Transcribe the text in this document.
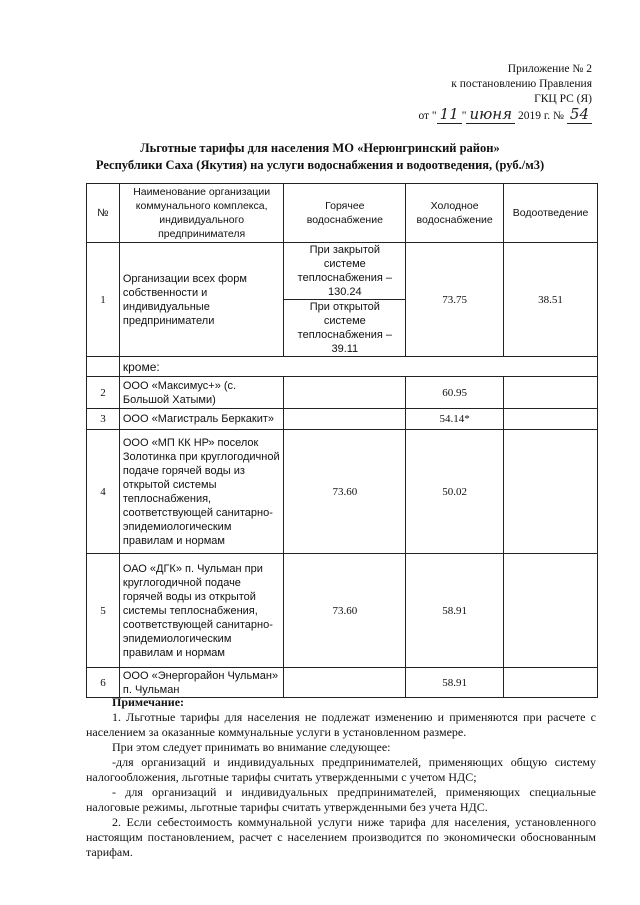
Приложение № 2
к постановлению Правления
ГКЦ РС (Я)
от " 11 " июня 2019 г. № 54
Льготные тарифы для населения МО «Нерюнгринский район»
Республики Саха (Якутия) на услуги водоснабжения и водоотведения, (руб./м3)
№	Наименование организации коммунального комплекса, индивидуального предпринимателя	Горячее водоснабжение	Холодное водоснабжение	Водоотведение
1	Организации всех форм собственности и индивидуальные предприниматели	При закрытой системе теплоснабжения – 130.24	73.75	38.51
		При открытой системе теплоснабжения – 39.11		
	кроме:			
2	ООО «Максимус+» (с. Большой Хатыми)		60.95	
3	ООО «Магистраль Беркакит»		54.14*	
4	ООО «МП КК НР» поселок Золотинка при круглогодичной подаче горячей воды из открытой системы теплоснабжения, соответствующей санитарно-эпидемиологическим правилам и нормам	73.60	50.02	
5	ОАО «ДГК» п. Чульман при круглогодичной подаче горячей воды из открытой системы теплоснабжения, соответствующей санитарно-эпидемиологическим правилам и нормам	73.60	58.91	
6	ООО «Энергорайон Чульман» п. Чульман		58.91	

Примечание:

1. Льготные тарифы для населения не подлежат изменению и применяются при расчете с населением за оказанные коммунальные услуги в установленном размере.

При этом следует принимать во внимание следующее:

-для организаций и индивидуальных предпринимателей, применяющих общую систему налогообложения, льготные тарифы считать утвержденными с учетом НДС;

- для организаций и индивидуальных предпринимателей, применяющих специальные налоговые режимы, льготные тарифы считать утвержденными без учета НДС.

2. Если себестоимость коммунальной услуги ниже тарифа для населения, установленного настоящим постановлением, расчет с населением производится по экономически обоснованным тарифам.
